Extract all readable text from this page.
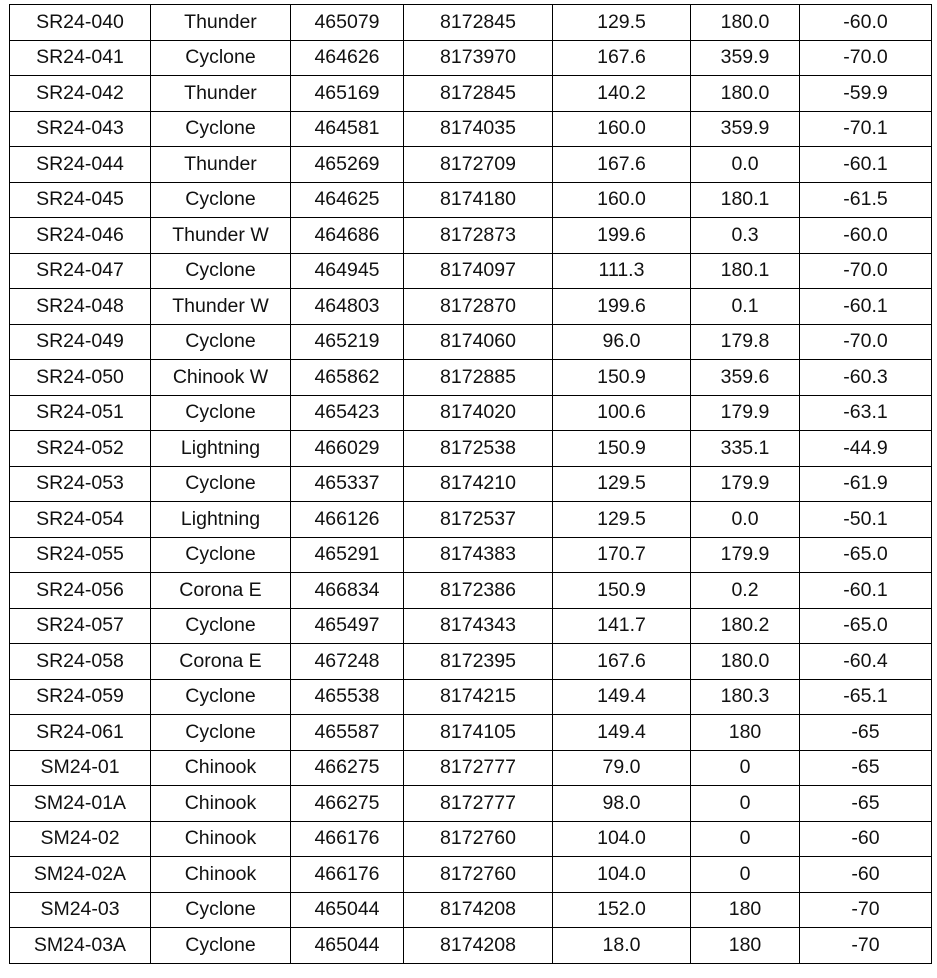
SR24-040	Thunder	465079	8172845	129.5	180.0	-60.0
SR24-041	Cyclone	464626	8173970	167.6	359.9	-70.0
SR24-042	Thunder	465169	8172845	140.2	180.0	-59.9
SR24-043	Cyclone	464581	8174035	160.0	359.9	-70.1
SR24-044	Thunder	465269	8172709	167.6	0.0	-60.1
SR24-045	Cyclone	464625	8174180	160.0	180.1	-61.5
SR24-046	Thunder W	464686	8172873	199.6	0.3	-60.0
SR24-047	Cyclone	464945	8174097	111.3	180.1	-70.0
SR24-048	Thunder W	464803	8172870	199.6	0.1	-60.1
SR24-049	Cyclone	465219	8174060	96.0	179.8	-70.0
SR24-050	Chinook W	465862	8172885	150.9	359.6	-60.3
SR24-051	Cyclone	465423	8174020	100.6	179.9	-63.1
SR24-052	Lightning	466029	8172538	150.9	335.1	-44.9
SR24-053	Cyclone	465337	8174210	129.5	179.9	-61.9
SR24-054	Lightning	466126	8172537	129.5	0.0	-50.1
SR24-055	Cyclone	465291	8174383	170.7	179.9	-65.0
SR24-056	Corona E	466834	8172386	150.9	0.2	-60.1
SR24-057	Cyclone	465497	8174343	141.7	180.2	-65.0
SR24-058	Corona E	467248	8172395	167.6	180.0	-60.4
SR24-059	Cyclone	465538	8174215	149.4	180.3	-65.1
SR24-061	Cyclone	465587	8174105	149.4	180	-65
SM24-01	Chinook	466275	8172777	79.0	0	-65
SM24-01A	Chinook	466275	8172777	98.0	0	-65
SM24-02	Chinook	466176	8172760	104.0	0	-60
SM24-02A	Chinook	466176	8172760	104.0	0	-60
SM24-03	Cyclone	465044	8174208	152.0	180	-70
SM24-03A	Cyclone	465044	8174208	18.0	180	-70
